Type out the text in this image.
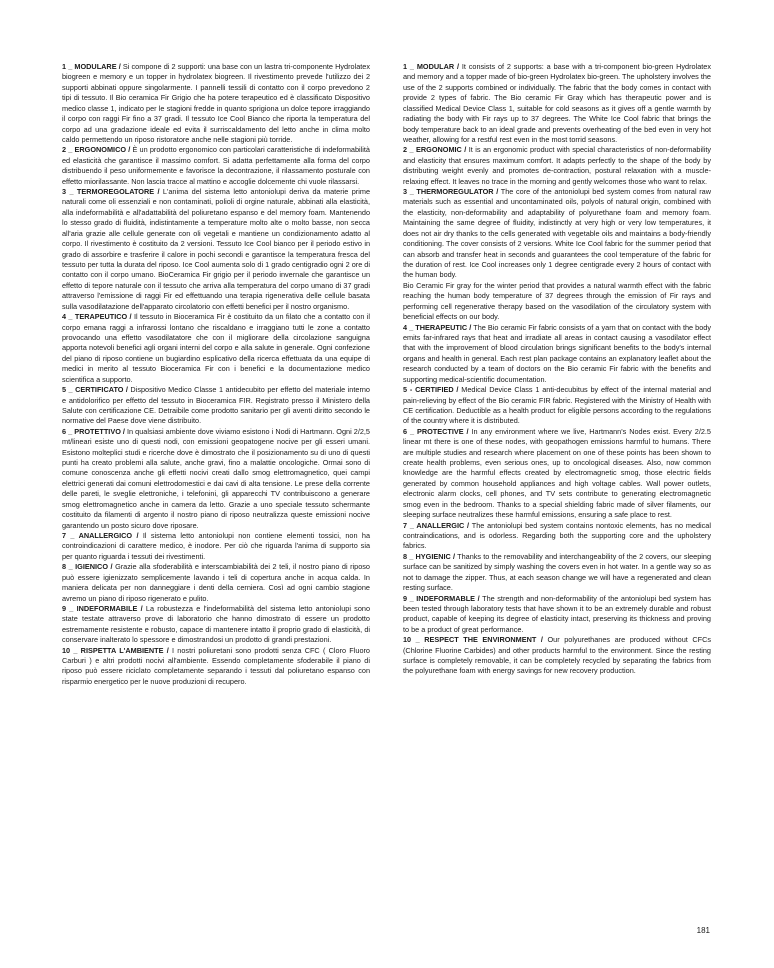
1 _ MODULARE / Si compone di 2 supporti: una base con un lastra tri-componente Hydrolatex biogreen e memory e un topper in hydrolatex biogreen. Il rivestimento prevede l'utilizzo dei 2 supporti abbinati oppure singolarmente. I pannelli tessili di contatto con il corpo prevedono 2 tipi di tessuto. Il Bio ceramica Fir Grigio che ha potere terapeutico ed è classificato Dispositivo medico classe 1, indicato per le stagioni fredde in quanto sprigiona un dolce tepore irraggiando il corpo con raggi Fir fino a 37 gradi. Il tessuto Ice Cool Bianco che riporta la temperatura del corpo ad una gradazione ideale ed evita il surriscaldamento del letto anche in clima molto caldo permettendo un riposo ristoratore anche nelle stagioni più torride.

2 _ ERGONOMICO / È un prodotto ergonomico con particolari caratteristiche di indeformabilità ed elasticità che garantisce il massimo comfort. Si adatta perfettamente alla forma del corpo distribuendo il peso uniformemente e favorisce la decontrazione, il rilassamento posturale con effetto miorilassante. Non lascia tracce al mattino e accoglie dolcemente chi vuole rilassarsi.

3 _ TERMOREGOLATORE / L'anima del sistema letto antoniolupi deriva da materie prime naturali come oli essenziali e non contaminati, polioli di orgine naturale, abbinati alla elasticità, alla indeformabilità e all'adattabilità del poliuretano espanso e del memory foam. Mantenendo lo stesso grado di fluidità, indistintamente a temperature molto alte o molto basse, non secca all'aria grazie alle cellule generate con oli vegetali e mantiene un condizionamento adatto al corpo. Il rivestimento è costituito da 2 versioni. Tessuto Ice Cool bianco per il periodo estivo in grado di assorbire e trasferire il calore in pochi secondi e garantisce la temperatura fresca del tessuto per tutta la durata del riposo. Ice Cool aumenta solo di 1 grado centigradio ogni 2 ore di contatto con il corpo umano. BioCeramica Fir grigio per il periodo invernale che garantisce un effetto di tepore naturale con il tessuto che arriva alla temperatura del corpo umano di 37 gradi attraverso l'emissione di raggi Fir ed effettuando una terapia rigenerativa delle cellule basata sulla vasodilatazione dell'apparato circolatorio con effetti benefici per il nostro organismo.

4 _ TERAPEUTICO / Il tessuto in Bioceramica Fir è costituito da un filato che a contatto con il corpo emana raggi a infrarossi lontano che riscaldano e irraggiano tutti le zone a contatto provocando una effetto vasodilatatore che con il migliorare della circolazione sanguigna apporta notevoli benefici agli organi interni del corpo e alla salute in generale. Ogni confezione del piano di riposo contiene un bugiardino esplicativo della ricerca effettuata da una equipe di medici in merito al tessuto Bioceramica Fir con i benefici e la documentazione medico scientifica a supporto.

5 _ CERTIFICATO / Dispositivo Medico Classe 1 antidecubito per effetto del materiale interno e antidolorifico per effetto del tessuto in Bioceramica FIR. Registrato presso il Ministero della Salute con certificazione CE. Detraibile come prodotto sanitario per gli aventi diritto secondo le normative del Paese dove viene distribuito.

6 _ PROTETTIVO / In qualsiasi ambiente dove viviamo esistono i Nodi di Hartmann. Ogni 2/2,5 mt/lineari esiste uno di questi nodi, con emissioni geopatogene nocive per gli esseri umani. Esistono molteplici studi e ricerche dove è dimostrato che il posizionamento su di uno di questi punti ha creato problemi alla salute, anche gravi, fino a malattie oncologiche. Ormai sono di comune conoscenza anche gli effetti nocivi creati dallo smog elettromagnetico, quei campi elettrici generati dai comuni elettrodomestici e dai cavi di alta tensione. Le prese della corrente delle pareti, le sveglie elettroniche, i telefonini, gli apparecchi TV contribuiscono a generare smog elettromagnetico anche in camera da letto. Grazie a uno speciale tessuto schermante costituito da filamenti di argento il nostro piano di riposo neutralizza queste emissioni nocive garantendo un posto sicuro dove riposare.

7 _ ANALLERGICO / Il sistema letto antoniolupi non contiene elementi tossici, non ha controindicazioni di carattere medico, è inodore. Per ciò che riguarda l'anima di supporto sia per quanto riguarda i tessuti dei rivestimenti.

8 _ IGIENICO / Grazie alla sfoderabilità e interscambiabilità dei 2 teli, il nostro piano di riposo può essere igienizzato semplicemente lavando i teli di copertura anche in acqua calda. In maniera delicata per non danneggiare i denti della cerniera. Così ad ogni cambio stagione avremo un piano di riposo rigenerato e pulito.

9 _ INDEFORMABILE / La robustezza e l'indeformabilità del sistema letto antoniolupi sono state testate attraverso prove di laboratorio che hanno dimostrato di essere un prodotto estremamente resistente e robusto, capace di mantenere intatto il proprio grado di elasticità, di conservare inalterato lo spessore e dimostrandosi un prodotto di grandi prestazioni.

10 _ RISPETTA L'AMBIENTE / I nostri poliuretani sono prodotti senza CFC ( Cloro Fluoro Carburi ) e altri prodotti nocivi all'ambiente. Essendo completamente sfoderabile il piano di riposo può essere riciclato completamente separando i tessuti dal poliuretano espanso con risparmio energetico per le nuove produzioni di recupero.

1 _ MODULAR / It consists of 2 supports: a base with a tri-component bio-green Hydrolatex and memory and a topper made of bio-green Hydrolatex bio-green. The upholstery involves the use of the 2 supports combined or individually. The fabric that the body comes in contact with provide 2 types of fabric. The Bio ceramic Fir Gray which has therapeutic power and is classified Medical Device Class 1, suitable for cold seasons as it gives off a gentle warmth by radiating the body with Fir rays up to 37 degrees. The White Ice Cool fabric that brings the body temperature back to an ideal grade and prevents overheating of the bed even in very hot weather, allowing for a restful rest even in the most torrid seasons.

2 _ ERGONOMIC / It is an ergonomic product with special characteristics of non-deformability and elasticity that ensures maximum comfort. It adapts perfectly to the shape of the body by distributing weight evenly and promotes de-contraction, postural relaxation with a muscle-relaxing effect. It leaves no trace in the morning and gently welcomes those who want to relax.

3 _ THERMOREGULATOR / The core of the antoniolupi bed system comes from natural raw materials such as essential and uncontaminated oils, polyols of natural origin, combined with the elasticity, non-deformability and adaptability of polyurethane foam and memory foam. Maintaining the same degree of fluidity, indistinctly at very high or very low temperatures, it does not air dry thanks to the cells generated with vegetable oils and maintains a body-friendly conditioning. The cover consists of 2 versions. White Ice Cool fabric for the summer period that can absorb and transfer heat in seconds and guarantees the cool temperature of the fabric for the duration of rest. Ice Cool increases only 1 degree centigrade every 2 hours of contact with the human body.
Bio Ceramic Fir gray for the winter period that provides a natural warmth effect with the fabric reaching the human body temperature of 37 degrees through the emission of Fir rays and performing cell regenerative therapy based on the vasodilation of the circulatory system with beneficial effects on our body.

4 _ THERAPEUTIC / The Bio ceramic Fir fabric consists of a yarn that on contact with the body emits far-infrared rays that heat and irradiate all areas in contact causing a vasodilator effect that with the improvement of blood circulation brings significant benefits to the body's internal organs and health in general. Each rest plan package contains an explanatory leaflet about the research conducted by a team of doctors on the Bio ceramic Fir fabric with the benefits and supporting medical-scientific documentation.

5 - CERTIFIED / Medical Device Class 1 anti-decubitus by effect of the internal material and pain-relieving by effect of the Bio ceramic FIR fabric. Registered with the Ministry of Health with CE certification. Deductible as a health product for eligible persons according to the regulations of the country where it is distributed.

6 _ PROTECTIVE / In any environment where we live, Hartmann's Nodes exist. Every 2/2.5 linear mt there is one of these nodes, with geopathogen emissions harmful to humans. There are multiple studies and research where placement on one of these points has been shown to create health problems, even serious ones, up to oncological diseases. Also, now common knowledge are the harmful effects created by electromagnetic smog, those electric fields generated by common household appliances and high voltage cables. Wall power outlets, electronic alarm clocks, cell phones, and TV sets contribute to generating electromagnetic smog even in the bedroom. Thanks to a special shielding fabric made of silver filaments, our sleeping surface neutralizes these harmful emissions, ensuring a safe place to rest.

7 _ ANALLERGIC / The antoniolupi bed system contains nontoxic elements, has no medical contraindications, and is odorless. Regarding both the supporting core and the upholstery fabrics.

8 _ HYGIENIC / Thanks to the removability and interchangeability of the 2 covers, our sleeping surface can be sanitized by simply washing the covers even in hot water. In a gentle way so as not to damage the zipper. Thus, at each season change we will have a regenerated and clean resting surface.

9 _ INDEFORMABLE / The strength and non-deformability of the antoniolupi bed system has been tested through laboratory tests that have shown it to be an extremely durable and robust product, capable of keeping its degree of elasticity intact, preserving its thickness and proving to be a product of great performance.

10 _ RESPECT THE ENVIRONMENT / Our polyurethanes are produced without CFCs (Chlorine Fluorine Carbides) and other products harmful to the environment. Since the resting surface is completely removable, it can be completely recycled by separating the fabrics from the polyurethane foam with energy savings for new recovery production.

181
